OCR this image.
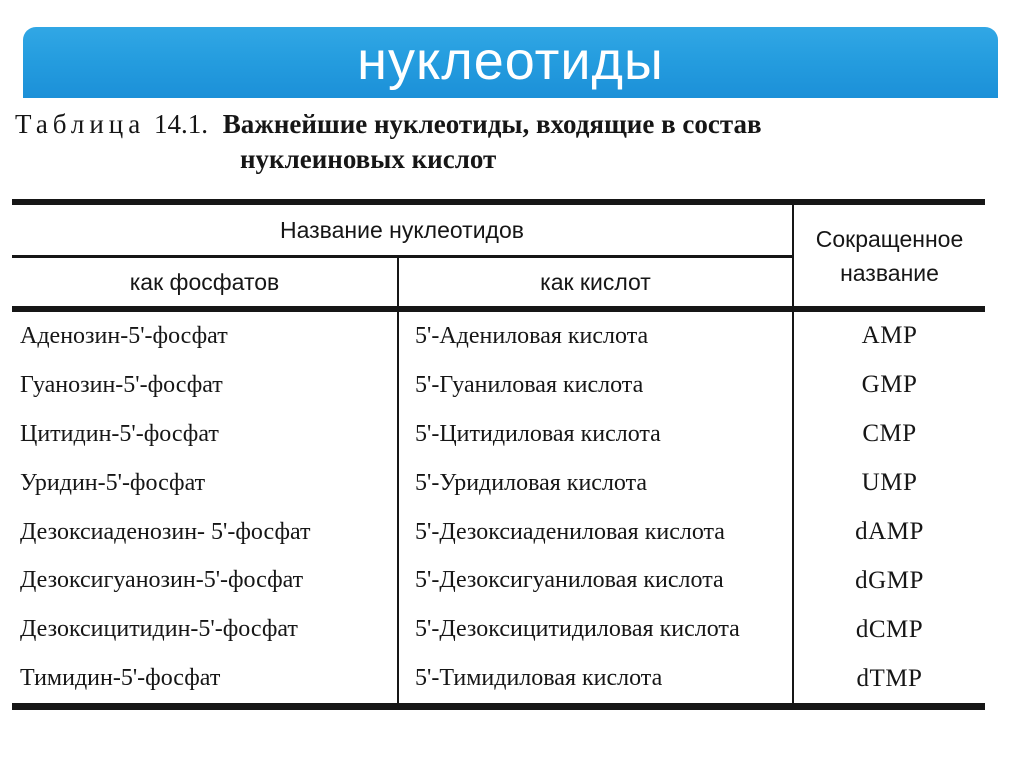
нуклеотиды
Таблица 14.1. Важнейшие нуклеотиды, входящие в состав нуклеиновых кислот
Название нуклеотидов	Сокращенное название
как фосфатов	как кислот
Аденозин-5'-фосфат	5'-Адениловая кислота	AMP
Гуанозин-5'-фосфат	5'-Гуаниловая кислота	GMP
Цитидин-5'-фосфат	5'-Цитидиловая кислота	CMP
Уридин-5'-фосфат	5'-Уридиловая кислота	UMP
Дезоксиаденозин- 5'-фосфат	5'-Дезоксиадениловая кислота	dAMP
Дезоксигуанозин-5'-фосфат	5'-Дезоксигуаниловая кислота	dGMP
Дезоксицитидин-5'-фосфат	5'-Дезоксицитидиловая кислота	dCMP
Тимидин-5'-фосфат	5'-Тимидиловая кислота	dTMP
